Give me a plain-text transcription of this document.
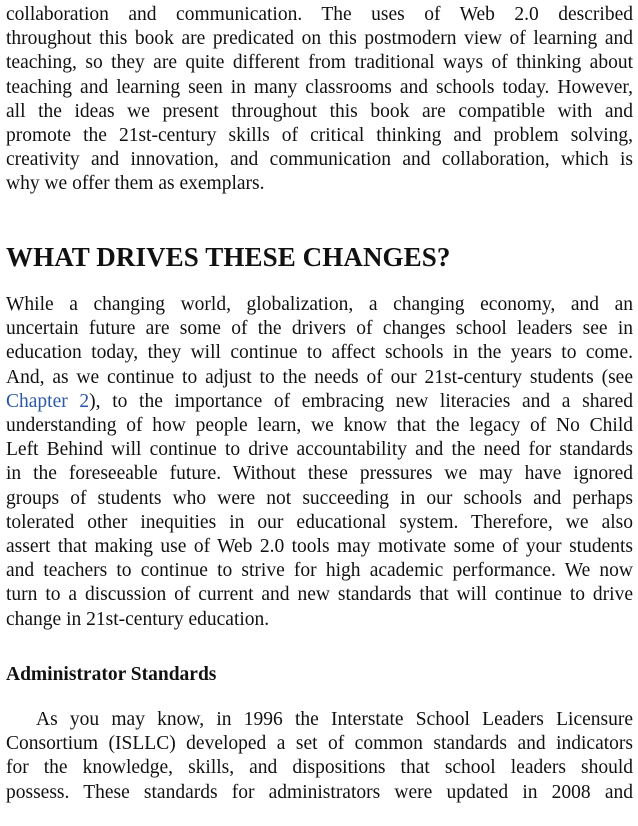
collaboration and communication. The uses of Web 2.0 described
throughout this book are predicated on this postmodern view of learning and
teaching, so they are quite different from traditional ways of thinking about
teaching and learning seen in many classrooms and schools today. However,
all the ideas we present throughout this book are compatible with and
promote the 21st-century skills of critical thinking and problem solving,
creativity and innovation, and communication and collaboration, which is
why we offer them as exemplars.
WHAT DRIVES THESE CHANGES?
While a changing world, globalization, a changing economy, and an
uncertain future are some of the drivers of changes school leaders see in
education today, they will continue to affect schools in the years to come.
And, as we continue to adjust to the needs of our 21st-century students (see
Chapter 2), to the importance of embracing new literacies and a shared
understanding of how people learn, we know that the legacy of No Child
Left Behind will continue to drive accountability and the need for standards
in the foreseeable future. Without these pressures we may have ignored
groups of students who were not succeeding in our schools and perhaps
tolerated other inequities in our educational system. Therefore, we also
assert that making use of Web 2.0 tools may motivate some of your students
and teachers to continue to strive for high academic performance. We now
turn to a discussion of current and new standards that will continue to drive
change in 21st-century education.
Administrator Standards
As you may know, in 1996 the Interstate School Leaders Licensure
Consortium (ISLLC) developed a set of common standards and indicators
for the knowledge, skills, and dispositions that school leaders should
possess. These standards for administrators were updated in 2008 and
